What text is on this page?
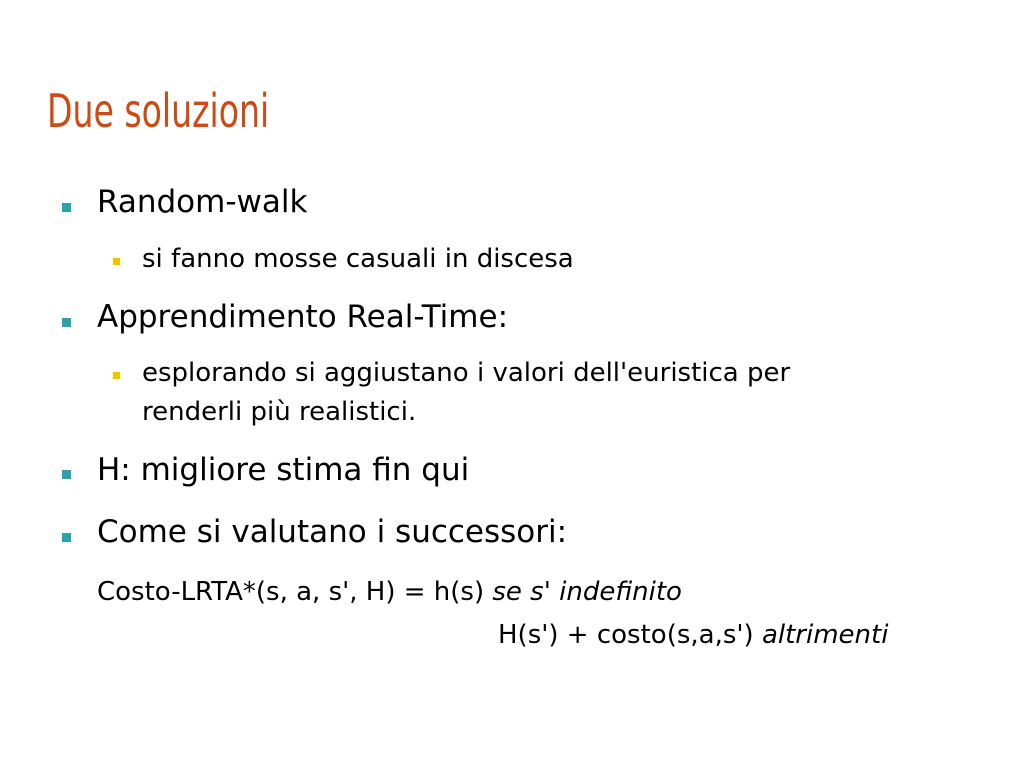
Due soluzioni
Random-walk
si fanno mosse casuali in discesa
Apprendimento Real-Time:
esplorando si aggiustano i valori dell'euristica per
renderli più realistici.
H: migliore stima fin qui
Come si valutano i successori:
Costo-LRTA*(s, a, s', H) = h(s) se s' indefinito
H(s') + costo(s,a,s') altrimenti
